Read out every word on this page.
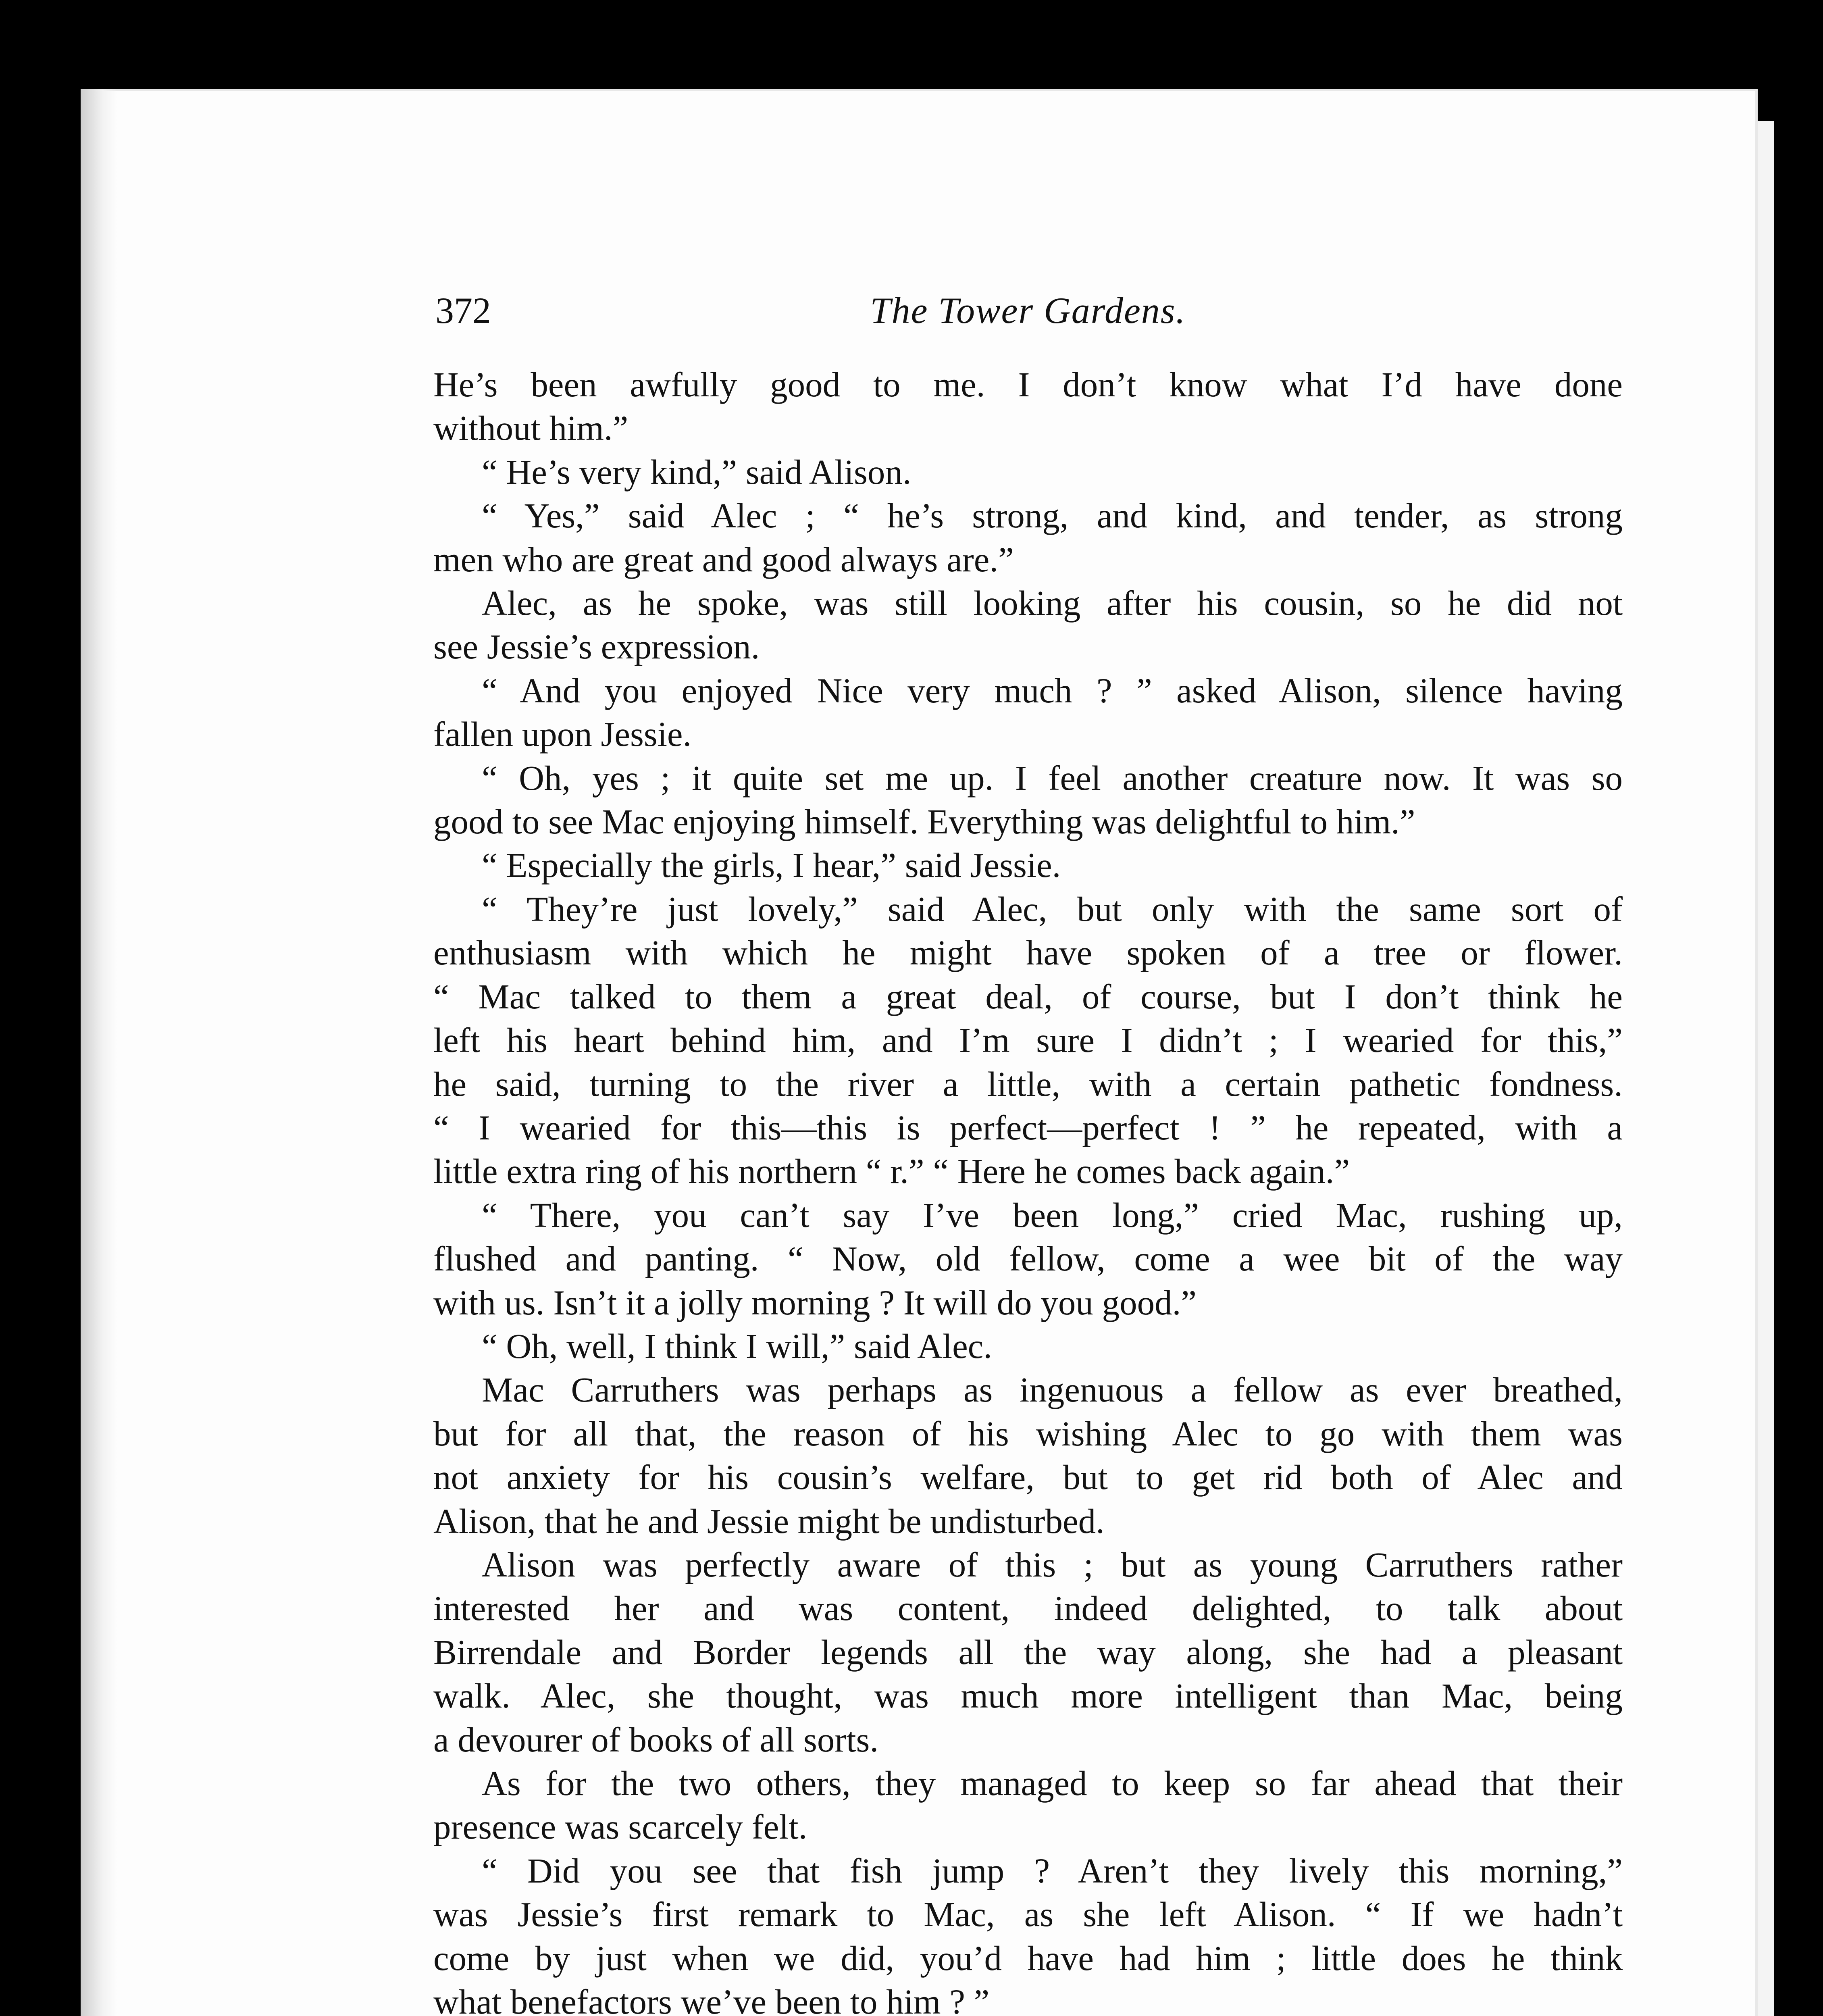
372	The Tower Gardens.

He’s been awfully good to me. I don’t know what I’d have done

without him.”

“ He’s very kind,” said Alison.

“ Yes,” said Alec ; “ he’s strong, and kind, and tender, as strong

men who are great and good always are.”

Alec, as he spoke, was still looking after his cousin, so he did not

see Jessie’s expression.

“ And you enjoyed Nice very much ? ” asked Alison, silence having

fallen upon Jessie.

“ Oh, yes ; it quite set me up. I feel another creature now. It was so

good to see Mac enjoying himself. Everything was delightful to him.”

“ Especially the girls, I hear,” said Jessie.

“ They’re just lovely,” said Alec, but only with the same sort of

enthusiasm with which he might have spoken of a tree or flower.

“ Mac talked to them a great deal, of course, but I don’t think he

left his heart behind him, and I’m sure I didn’t ; I wearied for this,”

he said, turning to the river a little, with a certain pathetic fondness.

“ I wearied for this—this is perfect—perfect ! ” he repeated, with a

little extra ring of his northern “ r.” “ Here he comes back again.”

“ There, you can’t say I’ve been long,” cried Mac, rushing up,

flushed and panting. “ Now, old fellow, come a wee bit of the way

with us. Isn’t it a jolly morning ? It will do you good.”

“ Oh, well, I think I will,” said Alec.

Mac Carruthers was perhaps as ingenuous a fellow as ever breathed,

but for all that, the reason of his wishing Alec to go with them was

not anxiety for his cousin’s welfare, but to get rid both of Alec and

Alison, that he and Jessie might be undisturbed.

Alison was perfectly aware of this ; but as young Carruthers rather

interested her and was content, indeed delighted, to talk about

Birrendale and Border legends all the way along, she had a pleasant

walk. Alec, she thought, was much more intelligent than Mac, being

a devourer of books of all sorts.

As for the two others, they managed to keep so far ahead that their

presence was scarcely felt.

“ Did you see that fish jump ? Aren’t they lively this morning,”

was Jessie’s first remark to Mac, as she left Alison. “ If we hadn’t

come by just when we did, you’d have had him ; little does he think

what benefactors we’ve been to him ? ”
